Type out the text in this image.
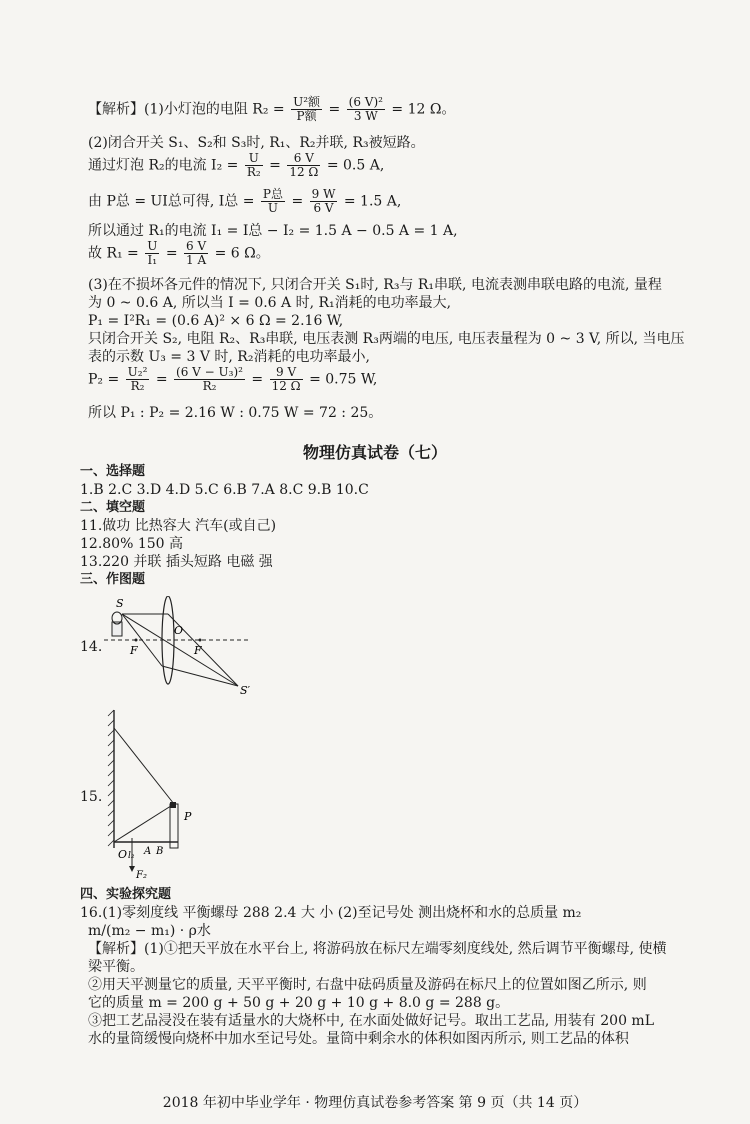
【解析】(1)小灯泡的电阻 $R_2 = \frac{\text{U²额}}{\text{P额}} = \frac{\text{(6 V)²}}{3 W} = 12$ Ω。
(2)闭合开关 S₁、S₂和 S₃时, R₁、R₂并联, R₃被短路。
通过灯泡 R₂的电流 $I_2 = \frac{U}{\text{R₂}} = \frac{6 V}{12 \Omega} = 0.5$ A,
由 P总 = UI总可得, I总 = $\frac{\text{P总}}{U} = \frac{9 W}{6 V} = 1.5$ A,
所以通过 R₁的电流 I₁ = I总 − I₂ = 1.5 A − 0.5 A = 1 A,
故 $R_1 = \frac{U}{\text{I₁}} = \frac{6 V}{1 A} = 6$ Ω。
(3)在不损坏各元件的情况下, 只闭合开关 S₁时, R₃与 R₁串联, 电流表测串联电路的电流, 量程
为 0 ~ 0.6 A, 所以当 I = 0.6 A 时, R₁消耗的电功率最大,
P₁ = I²R₁ = (0.6 A)² × 6 Ω = 2.16 W,
只闭合开关 S₂, 电阻 R₂、R₃串联, 电压表测 R₃两端的电压, 电压表量程为 0 ~ 3 V, 所以, 当电压
表的示数 U₃ = 3 V 时, R₂消耗的电功率最小,
$P_2 = \frac{\text{U₂²}}{\text{R₂}} = \frac{\text{(6 V − U₃)²}}{\text{R₂}} = \frac{9 V}{12 \Omega} = 0.75$ W,
所以 P₁ : P₂ = 2.16 W : 0.75 W = 72 : 25。
物理仿真试卷（七）
一、选择题
1.B 2.C 3.D 4.D 5.C 6.B 7.A 8.C 9.B 10.C
二、填空题
11.做功 比热容大 汽车(或自己)
12.80% 150 高
13.220 并联 插头短路 电磁 强
三、作图题
14.
S
O
F	F
S′
15.
P
O l₂ A B
F₂
四、实验探究题
16.(1)零刻度线 平衡螺母 288 2.4 大 小 (2)至记号处 测出烧杯和水的总质量 m₂
m/(m₂ − m₁) · ρ水
【解析】(1)①把天平放在水平台上, 将游码放在标尺左端零刻度线处, 然后调节平衡螺母, 使横
梁平衡。
②用天平测量它的质量, 天平平衡时, 右盘中砝码质量及游码在标尺上的位置如图乙所示, 则
它的质量 m = 200 g + 50 g + 20 g + 10 g + 8.0 g = 288 g。
③把工艺品浸没在装有适量水的大烧杯中, 在水面处做好记号。取出工艺品, 用装有 200 mL
水的量筒缓慢向烧杯中加水至记号处。量筒中剩余水的体积如图丙所示, 则工艺品的体积
2018 年初中毕业学年 · 物理仿真试卷参考答案 第 9 页（共 14 页）
